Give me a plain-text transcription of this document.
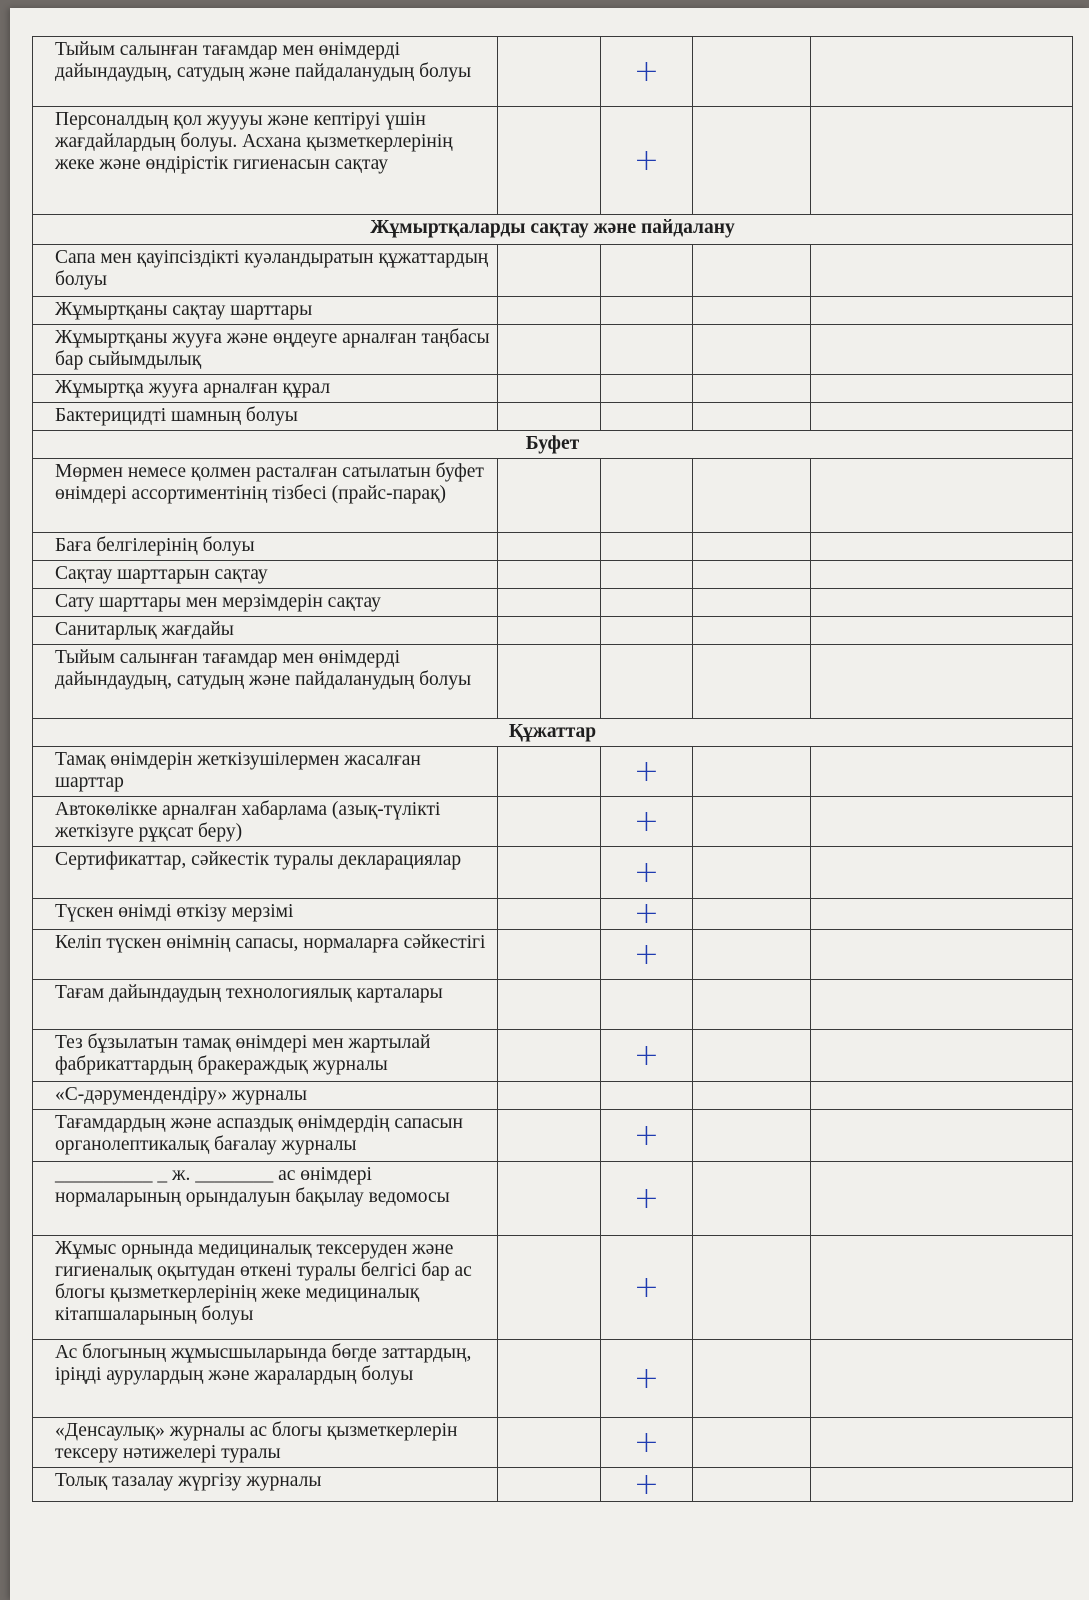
Тыйым салынған тағамдар мен өнімдерді дайындаудың, сатудың және пайдаланудың болуы		+		
Персоналдың қол жуууы және кептіруі үшін жағдайлардың болуы. Асхана қызметкерлерінің жеке және өндірістік гигиенасын сақтау		+		
Жұмыртқаларды сақтау және пайдалану				
Сапа мен қауіпсіздікті куәландыратын құжаттардың болуы				
Жұмыртқаны сақтау шарттары				
Жұмыртқаны жууға және өңдеуге арналған таңбасы бар сыйымдылық				
Жұмыртқа жууға арналған құрал				
Бактерицидті шамның болуы				
Буфет				
Мөрмен немесе қолмен расталған сатылатын буфет өнімдері ассортиментінің тізбесі (прайс-парақ)				
Баға белгілерінің болуы				
Сақтау шарттарын сақтау				
Сату шарттары мен мерзімдерін сақтау				
Санитарлық жағдайы				
Тыйым салынған тағамдар мен өнімдерді дайындаудың, сатудың және пайдаланудың болуы				
Құжаттар				
Тамақ өнімдерін жеткізушілермен жасалған шарттар		+		
Автокөлікке арналған хабарлама (азық-түлікті жеткізуге рұқсат беру)		+		
Сертификаттар, сәйкестік туралы декларациялар		+		
Түскен өнімді өткізу мерзімі		+		
Келіп түскен өнімнің сапасы, нормаларға сәйкестігі		+		
Тағам дайындаудың технологиялық карталары				
Тез бұзылатын тамақ өнімдері мен жартылай фабрикаттардың бракераждық журналы		+		
«С-дәрумендендіру» журналы				
Тағамдардың және аспаздық өнімдердің сапасын органолептикалық бағалау журналы		+		
__________ _ ж. ________ ас өнімдері нормаларының орындалуын бақылау ведомосы		+		
Жұмыс орнында медициналық тексеруден және гигиеналық оқытудан өткені туралы белгісі бар ас блогы қызметкерлерінің жеке медициналық кітапшаларының болуы		+		
Ас блогының жұмысшыларында бөгде заттардың, іріңді аурулардың және жаралардың болуы		+		
«Денсаулық» журналы ас блогы қызметкерлерін тексеру нәтижелері туралы		+		
Толық тазалау жүргізу журналы		+		
